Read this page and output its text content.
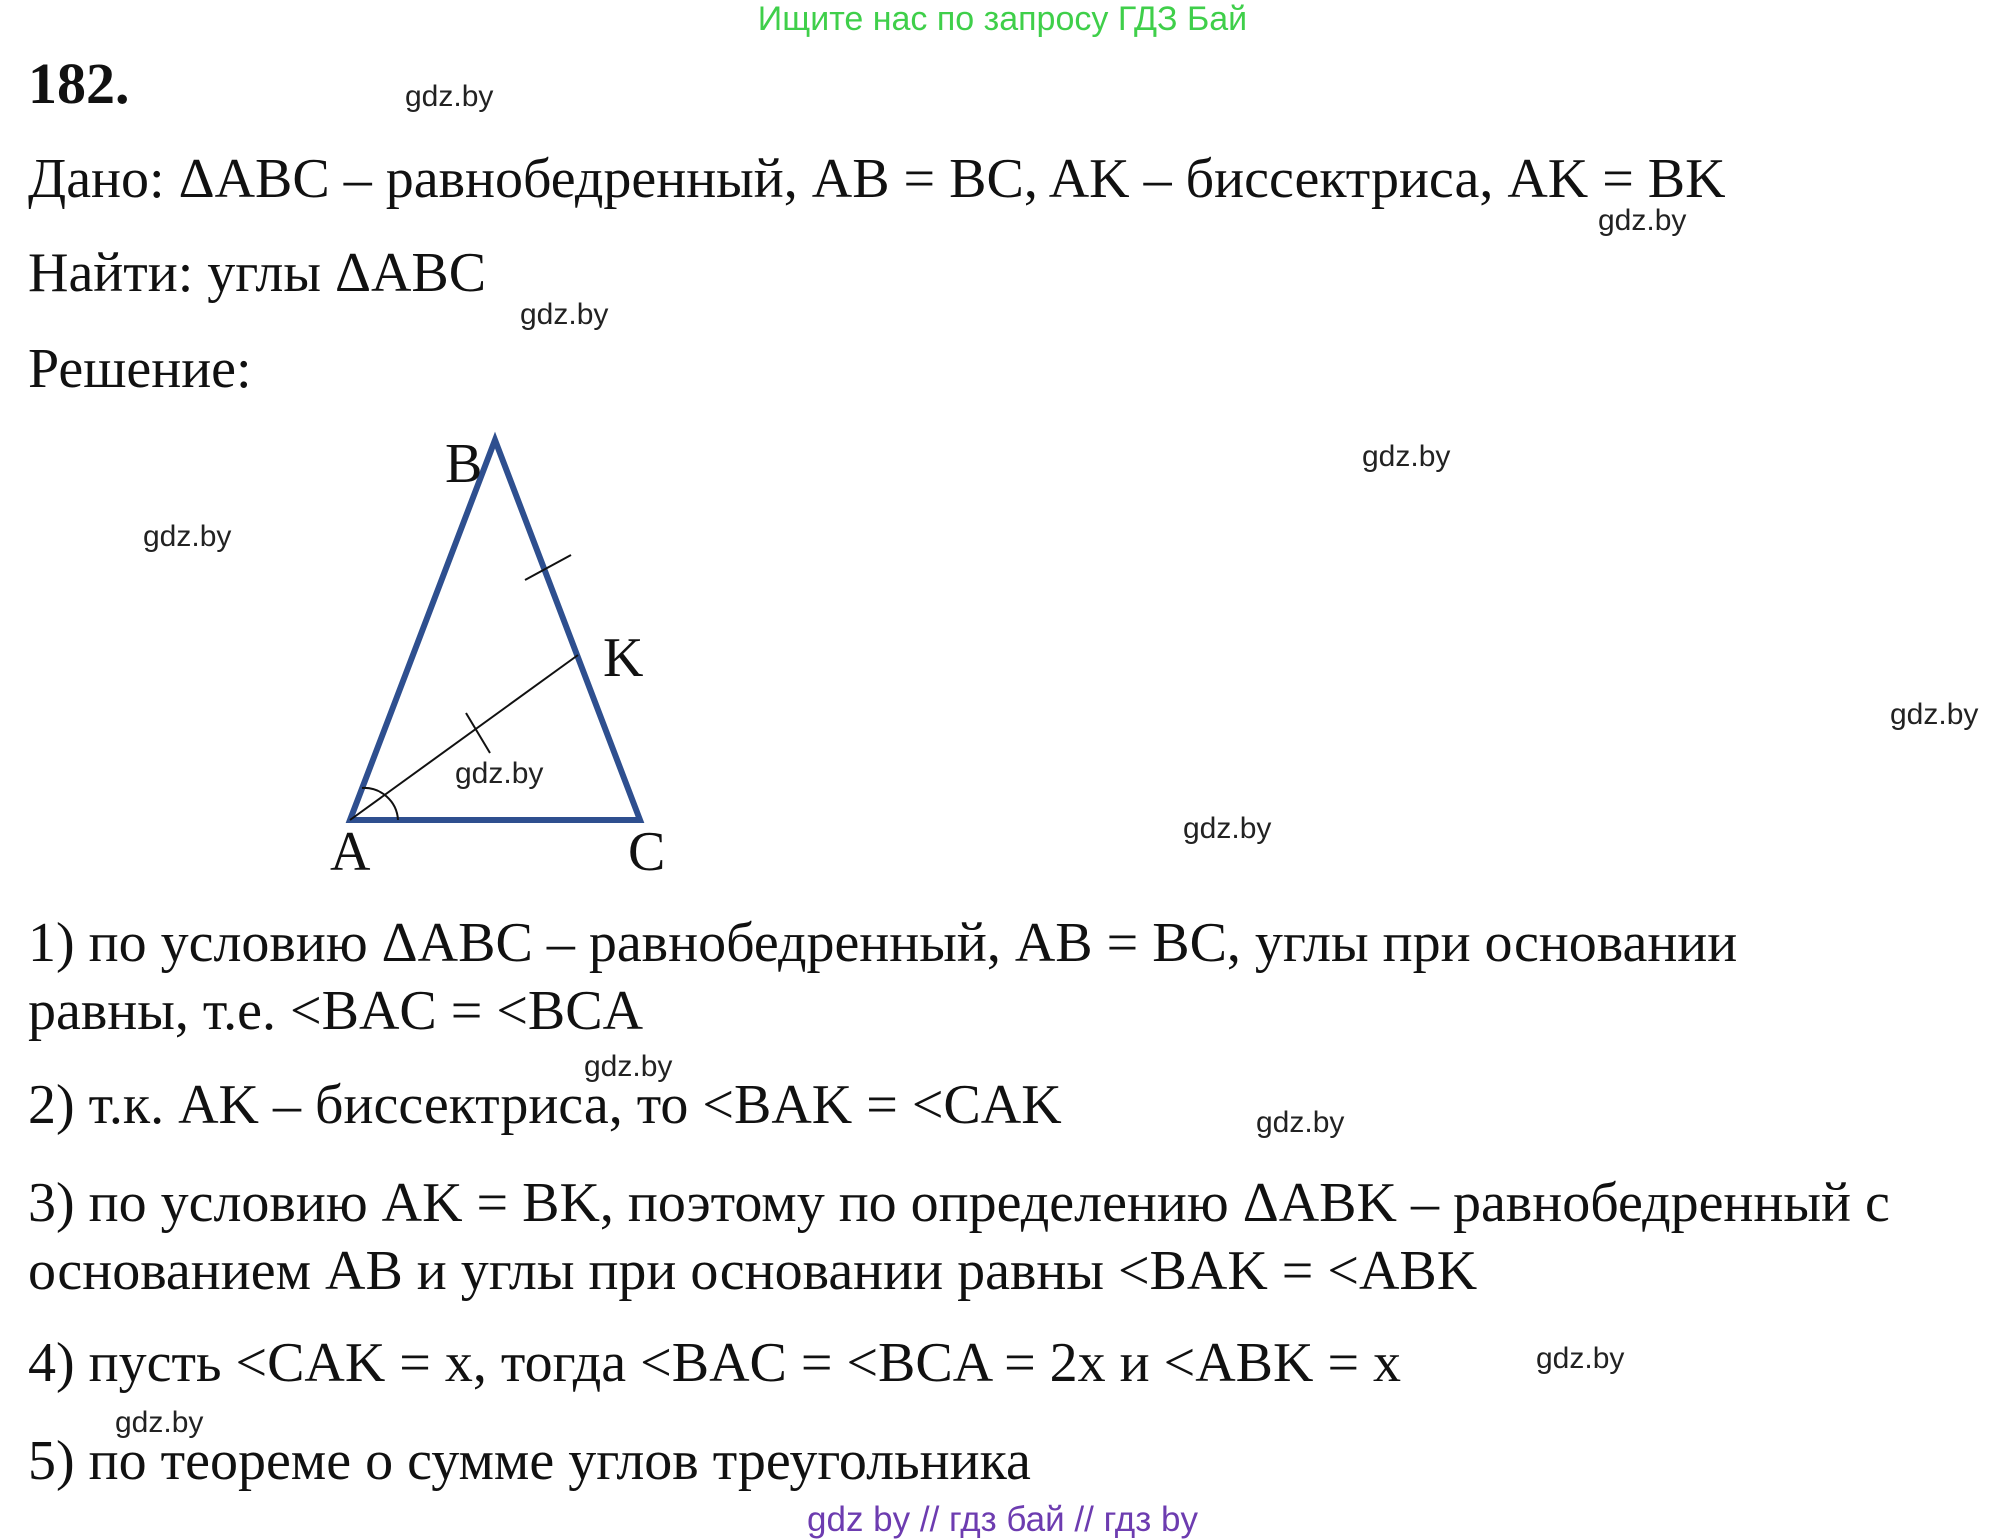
Ищите нас по запросу ГДЗ Бай
182.	gdz.by
Дано: ΔABC – равнобедренный, AB = BC, AK – биссектриса, AK = BK
gdz.by
Найти: углы ΔABC
gdz.by
Решение:
B
K
A	C
gdz.by
gdz.by
gdz.by
gdz.by
gdz.by
1) по условию ΔABC – равнобедренный, AB = BC, углы при основании
равны, т.е. <BAC = <BCA
gdz.by
2) т.к. AK – биссектриса, то <BAK = <CAK	gdz.by
3) по условию AK = BK, поэтому по определению ΔABK – равнобедренный с
основанием AB и углы при основании равны <BAK = <ABK
4) пусть <CAK = x, тогда <BAC = <BCA = 2x и <ABK = x	gdz.by
gdz.by
5) по теореме о сумме углов треугольника
gdz by // гдз бай // гдз by
